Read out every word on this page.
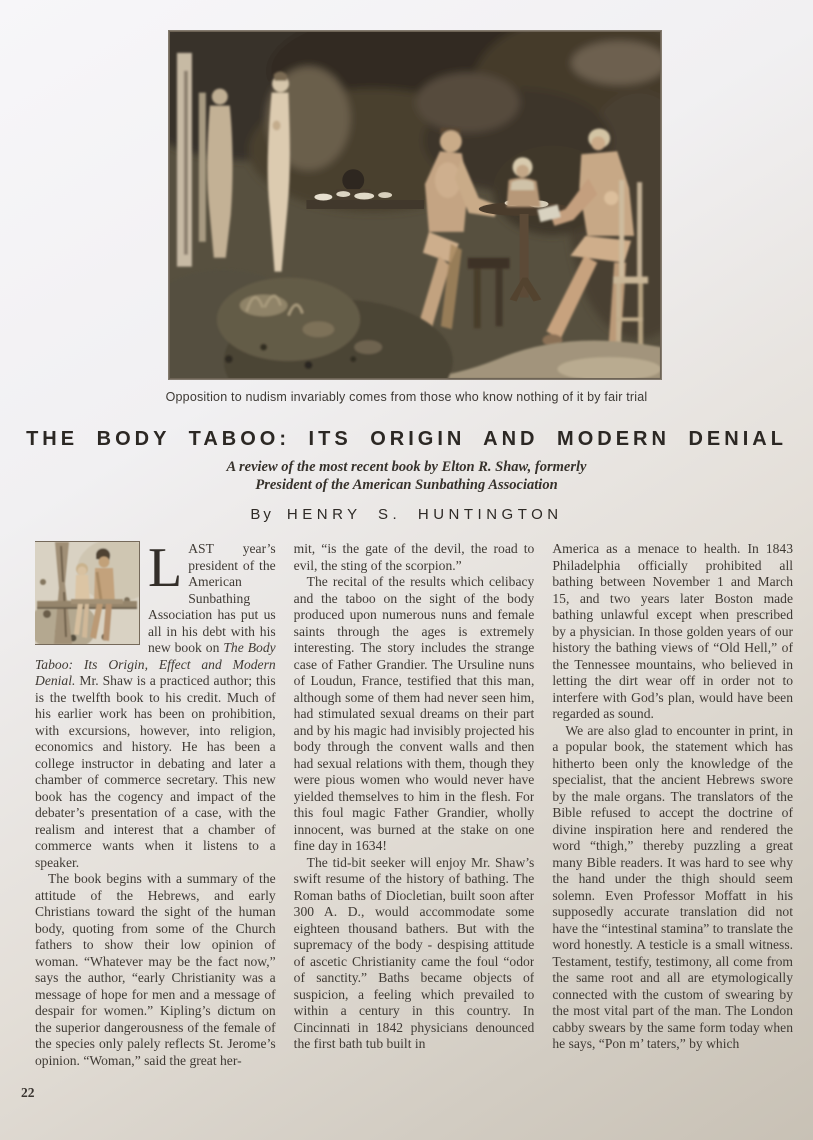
Opposition to nudism invariably comes from those who know nothing of it by fair trial
THE BODY TABOO: ITS ORIGIN AND MODERN DENIAL
A review of the most recent book by Elton R. Shaw, formerly
President of the American Sunbathing Association
By HENRY S. HUNTINGTON

LAST year’s president of the American Sunbathing Association has put us all in his debt with his new book on The Body Taboo: Its Origin, Effect and Modern Denial. Mr. Shaw is a practiced author; this is the twelfth book to his credit. Much of his earlier work has been on prohibition, with excursions, however, into religion, economics and history. He has been a college instructor in debating and later a chamber of commerce secretary. This new book has the cogency and impact of the debater’s presentation of a case, with the realism and interest that a chamber of commerce wants when it listens to a speaker.

The book begins with a summary of the attitude of the Hebrews, and early Christians toward the sight of the human body, quoting from some of the Church fathers to show their low opinion of woman. “Whatever may be the fact now,” says the author, “early Christianity was a message of hope for men and a message of despair for women.” Kipling’s dictum on the superior dangerousness of the female of the species only palely reflects St. Jerome’s opinion. “Woman,” said the great her-

mit, “is the gate of the devil, the road to evil, the sting of the scorpion.”

The recital of the results which celibacy and the taboo on the sight of the body produced upon numerous nuns and female saints through the ages is extremely interesting. The story includes the strange case of Father Grandier. The Ursuline nuns of Loudun, France, testified that this man, although some of them had never seen him, had stimulated sexual dreams on their part and by his magic had invisibly projected his body through the convent walls and then had sexual relations with them, though they were pious women who would never have yielded themselves to him in the flesh. For this foul magic Father Grandier, wholly innocent, was burned at the stake on one fine day in 1634!

The tid-bit seeker will enjoy Mr. Shaw’s swift resume of the history of bathing. The Roman baths of Diocletian, built soon after 300 A. D., would accommodate some eighteen thousand bathers. But with the supremacy of the body - despising attitude of ascetic Christianity came the foul “odor of sanctity.” Baths became objects of suspicion, a feeling which prevailed to within a century in this country. In Cincinnati in 1842 physicians denounced the first bath tub built in

America as a menace to health. In 1843 Philadelphia officially prohibited all bathing between November 1 and March 15, and two years later Boston made bathing unlawful except when prescribed by a physician. In those golden years of our history the bathing views of “Old Hell,” of the Tennessee mountains, who believed in letting the dirt wear off in order not to interfere with God’s plan, would have been regarded as sound.

We are also glad to encounter in print, in a popular book, the statement which has hitherto been only the knowledge of the specialist, that the ancient Hebrews swore by the male organs. The translators of the Bible refused to accept the doctrine of divine inspiration here and rendered the word “thigh,” thereby puzzling a great many Bible readers. It was hard to see why the hand under the thigh should seem solemn. Even Professor Moffatt in his supposedly accurate translation did not have the “intestinal stamina” to translate the word honestly. A testicle is a small witness. Testament, testify, testimony, all come from the same root and all are etymologically connected with the custom of swearing by the most vital part of the man. The London cabby swears by the same form today when he says, “Pon m’ taters,” by which

22
